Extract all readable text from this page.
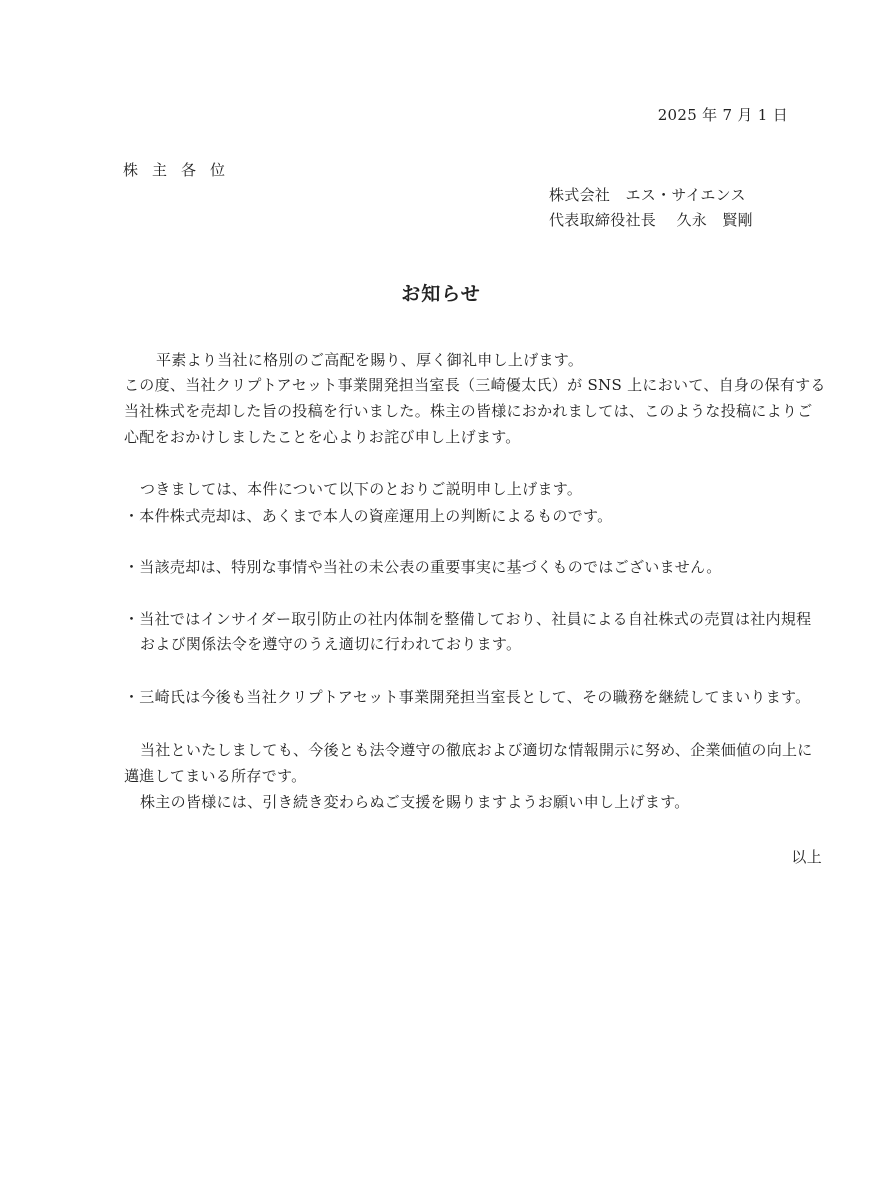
2025 年 7 月 1 日
株主各位
株式会社　エス・サイエンス
代表取締役社長　 久永　賢剛
お知らせ
平素より当社に格別のご高配を賜り、厚く御礼申し上げます。
この度、当社クリプトアセット事業開発担当室長（三崎優太氏）が SNS 上において、自身の保有する
当社株式を売却した旨の投稿を行いました。株主の皆様におかれましては、このような投稿によりご
心配をおかけしましたことを心よりお詫び申し上げます。
つきましては、本件について以下のとおりご説明申し上げます。
・本件株式売却は、あくまで本人の資産運用上の判断によるものです。
・当該売却は、特別な事情や当社の未公表の重要事実に基づくものではございません。
・当社ではインサイダー取引防止の社内体制を整備しており、社員による自社株式の売買は社内規程
および関係法令を遵守のうえ適切に行われております。
・三崎氏は今後も当社クリプトアセット事業開発担当室長として、その職務を継続してまいります。
当社といたしましても、今後とも法令遵守の徹底および適切な情報開示に努め、企業価値の向上に
邁進してまいる所存です。
株主の皆様には、引き続き変わらぬご支援を賜りますようお願い申し上げます。
以上
